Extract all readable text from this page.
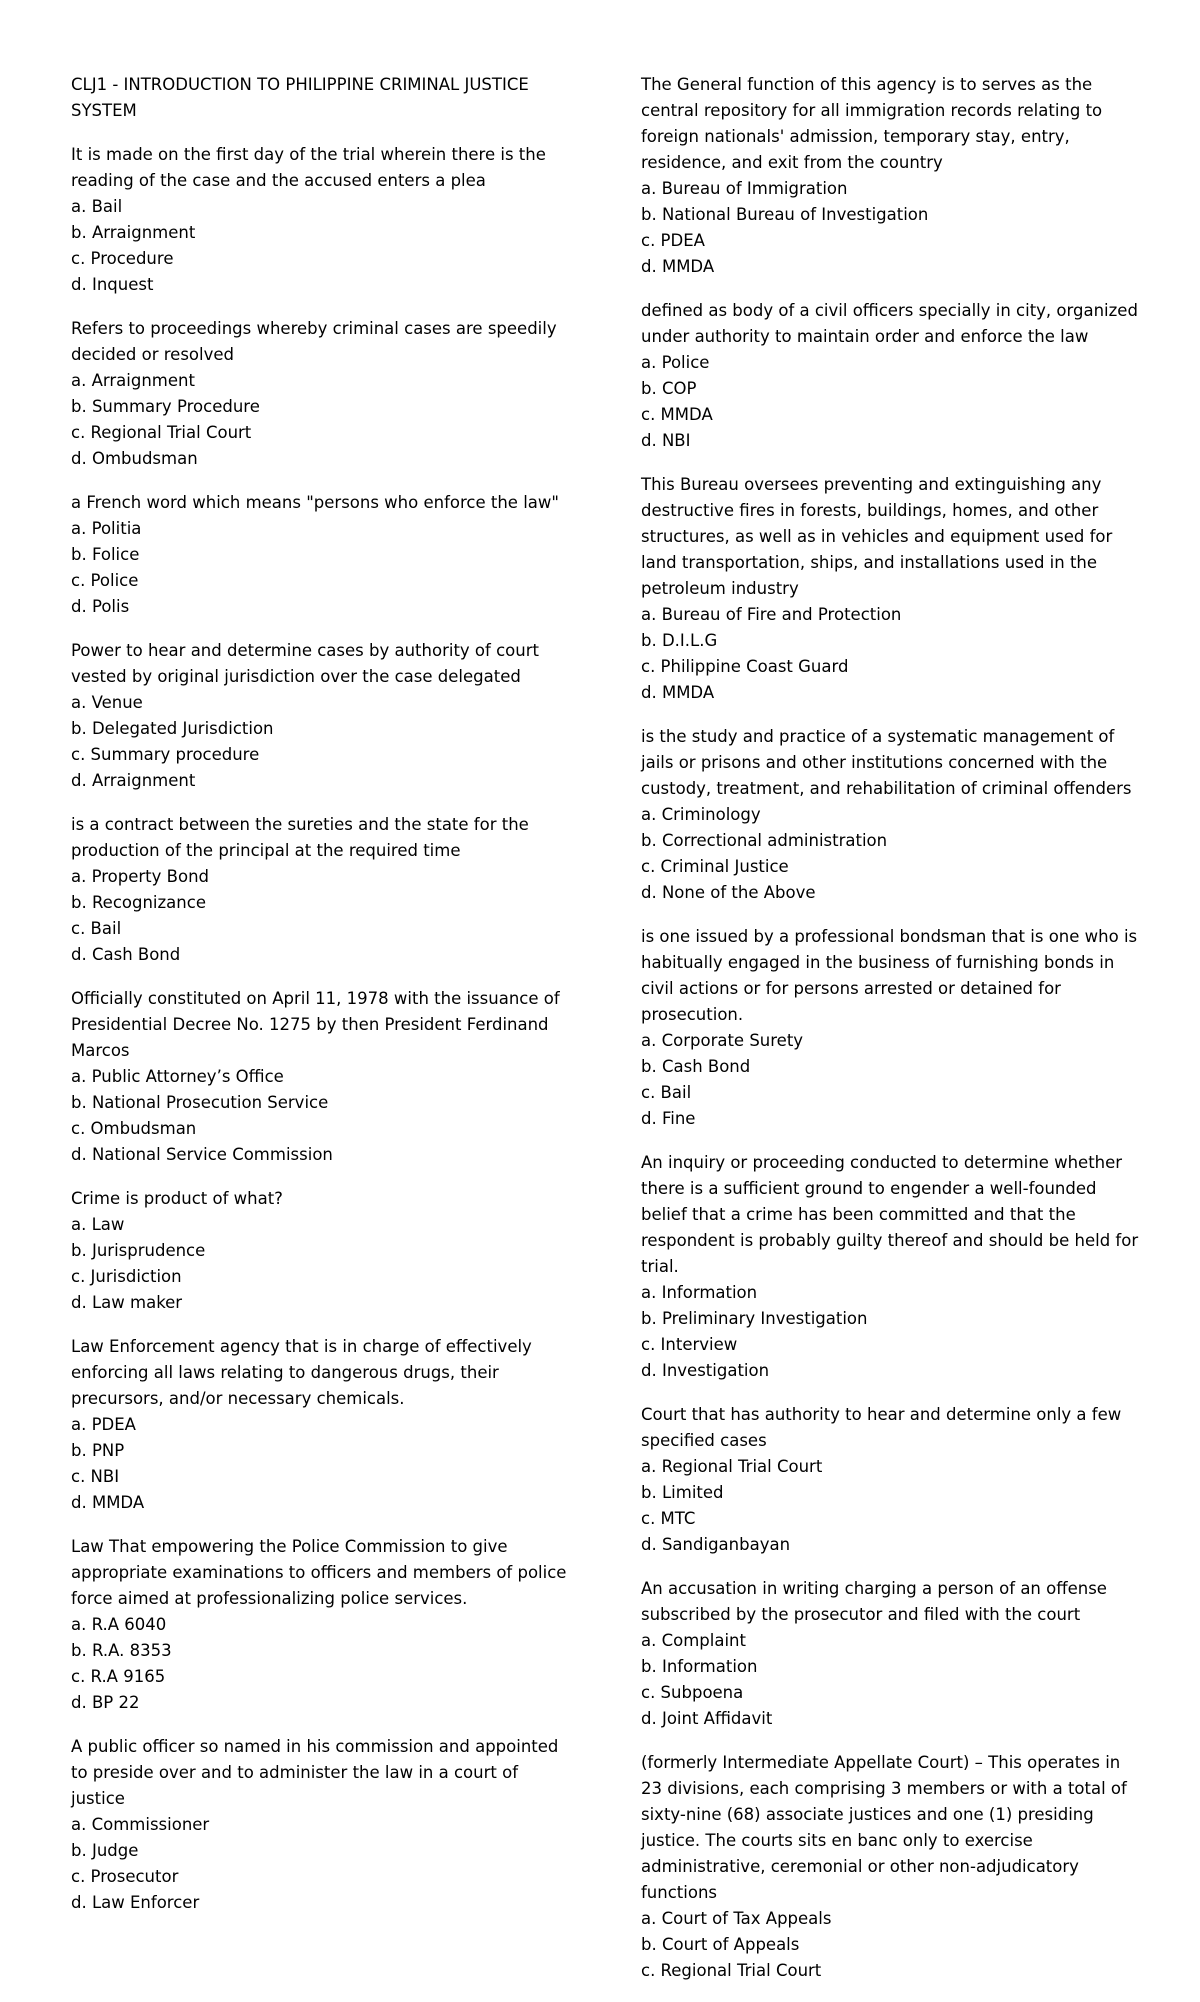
CLJ1 - INTRODUCTION TO PHILIPPINE CRIMINAL JUSTICE SYSTEM

It is made on the first day of the trial wherein there is the reading of the case and the accused enters a plea

a. Bail
b. Arraignment
c. Procedure
d. Inquest

Refers to proceedings whereby criminal cases are speedily decided or resolved

a. Arraignment
b. Summary Procedure
c. Regional Trial Court
d. Ombudsman

a French word which means "persons who enforce the law"

a. Politia
b. Folice
c. Police
d. Polis

Power to hear and determine cases by authority of court vested by original jurisdiction over the case delegated

a. Venue
b. Delegated Jurisdiction
c. Summary procedure
d. Arraignment

is a contract between the sureties and the state for the production of the principal at the required time

a. Property Bond
b. Recognizance
c. Bail
d. Cash Bond

Officially constituted on April 11, 1978 with the issuance of Presidential Decree No. 1275 by then President Ferdinand Marcos

a. Public Attorney’s Office
b. National Prosecution Service
c. Ombudsman
d. National Service Commission

Crime is product of what?

a. Law
b. Jurisprudence
c. Jurisdiction
d. Law maker

Law Enforcement agency that is in charge of effectively enforcing all laws relating to dangerous drugs, their precursors, and/or necessary chemicals.

a. PDEA
b. PNP
c. NBI
d. MMDA

Law That empowering the Police Commission to give appropriate examinations to officers and members of police force aimed at professionalizing police services.

a. R.A 6040
b. R.A. 8353
c. R.A 9165
d. BP 22

A public officer so named in his commission and appointed to preside over and to administer the law in a court of justice

a. Commissioner
b. Judge
c. Prosecutor
d. Law Enforcer

The General function of this agency is to serves as the central repository for all immigration records relating to foreign nationals' admission, temporary stay, entry, residence, and exit from the country

a. Bureau of Immigration
b. National Bureau of Investigation
c. PDEA
d. MMDA

defined as body of a civil officers specially in city, organized under authority to maintain order and enforce the law

a. Police
b. COP
c. MMDA
d. NBI

This Bureau oversees preventing and extinguishing any destructive fires in forests, buildings, homes, and other structures, as well as in vehicles and equipment used for land transportation, ships, and installations used in the petroleum industry

a. Bureau of Fire and Protection
b. D.I.L.G
c. Philippine Coast Guard
d. MMDA

is the study and practice of a systematic management of jails or prisons and other institutions concerned with the custody, treatment, and rehabilitation of criminal offenders

a. Criminology
b. Correctional administration
c. Criminal Justice
d. None of the Above

is one issued by a professional bondsman that is one who is habitually engaged in the business of furnishing bonds in civil actions or for persons arrested or detained for prosecution.

a. Corporate Surety
b. Cash Bond
c. Bail
d. Fine

An inquiry or proceeding conducted to determine whether there is a sufficient ground to engender a well-founded belief that a crime has been committed and that the respondent is probably guilty thereof and should be held for trial.

a. Information
b. Preliminary Investigation
c. Interview
d. Investigation

Court that has authority to hear and determine only a few specified cases

a. Regional Trial Court
b. Limited
c. MTC
d. Sandiganbayan

An accusation in writing charging a person of an offense subscribed by the prosecutor and filed with the court

a. Complaint
b. Information
c. Subpoena
d. Joint Affidavit

(formerly Intermediate Appellate Court) – This operates in 23 divisions, each comprising 3 members or with a total of sixty-nine (68) associate justices and one (1) presiding justice. The courts sits en banc only to exercise administrative, ceremonial or other non-adjudicatory functions

a. Court of Tax Appeals
b. Court of Appeals
c. Regional Trial Court
